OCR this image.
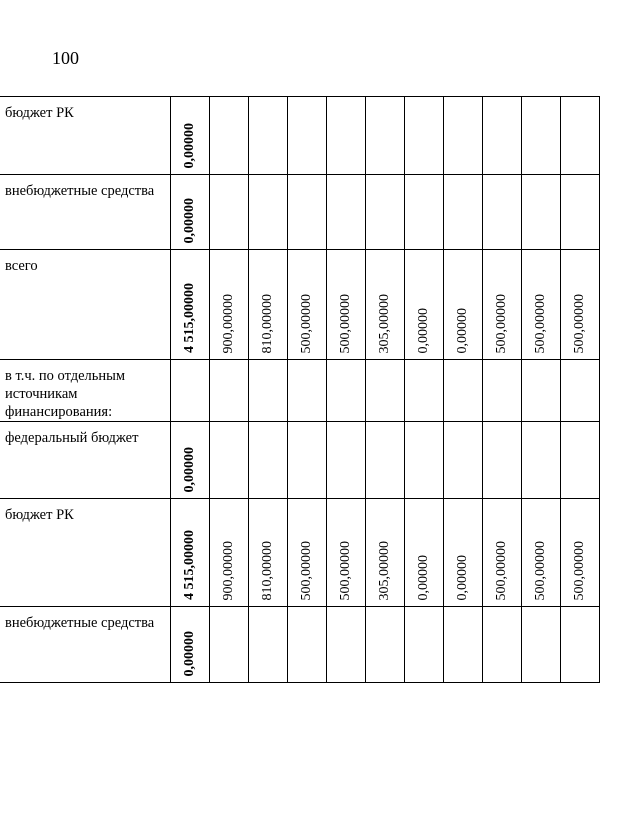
100
бюджет РК	0,00000										

внебюджетные средства	0,00000										

всего	4 515,00000	900,00000	810,00000	500,00000	500,00000	305,00000	0,00000	0,00000	500,00000	500,00000	500,00000

в т.ч. по отдельным источникам финансирования:											

федеральный бюджет	0,00000										

бюджет РК	4 515,00000	900,00000	810,00000	500,00000	500,00000	305,00000	0,00000	0,00000	500,00000	500,00000	500,00000

внебюджетные средства	0,00000										
